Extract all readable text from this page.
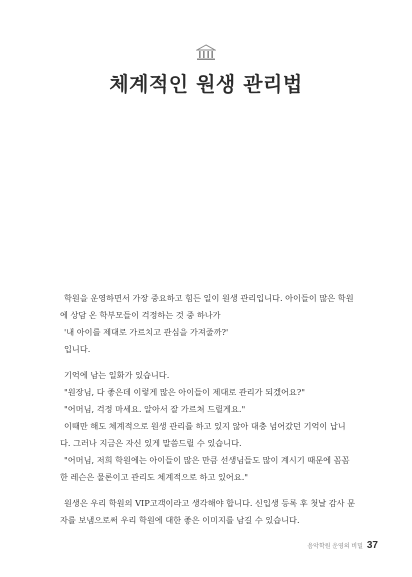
체계적인 원생 관리법

학원을 운영하면서 가장 중요하고 힘든 일이 원생 관리입니다. 아이들이 많은 학원

에 상담 온 학부모들이 걱정하는 것 중 하나가

'내 아이를 제대로 가르치고 관심을 가져줄까?'

입니다.

기억에 남는 일화가 있습니다.

"원장님, 다 좋은데 이렇게 많은 아이들이 제대로 관리가 되겠어요?"

"어머님, 걱정 마세요. 알아서 잘 가르쳐 드릴게요."

이때만 해도 체계적으로 원생 관리를 하고 있지 않아 대충 넘어갔던 기억이 납니

다. 그러나 지금은 자신 있게 말씀드릴 수 있습니다.

"어머님, 저희 학원에는 아이들이 많은 만큼 선생님들도 많이 계시기 때문에 꼼꼼

한 레슨은 물론이고 관리도 체계적으로 하고 있어요."

원생은 우리 학원의 VIP고객이라고 생각해야 합니다. 신입생 등록 후 첫날 감사 문

자를 보냄으로써 우리 학원에 대한 좋은 이미지를 남길 수 있습니다.

음악학원 운영의 비밀 37
